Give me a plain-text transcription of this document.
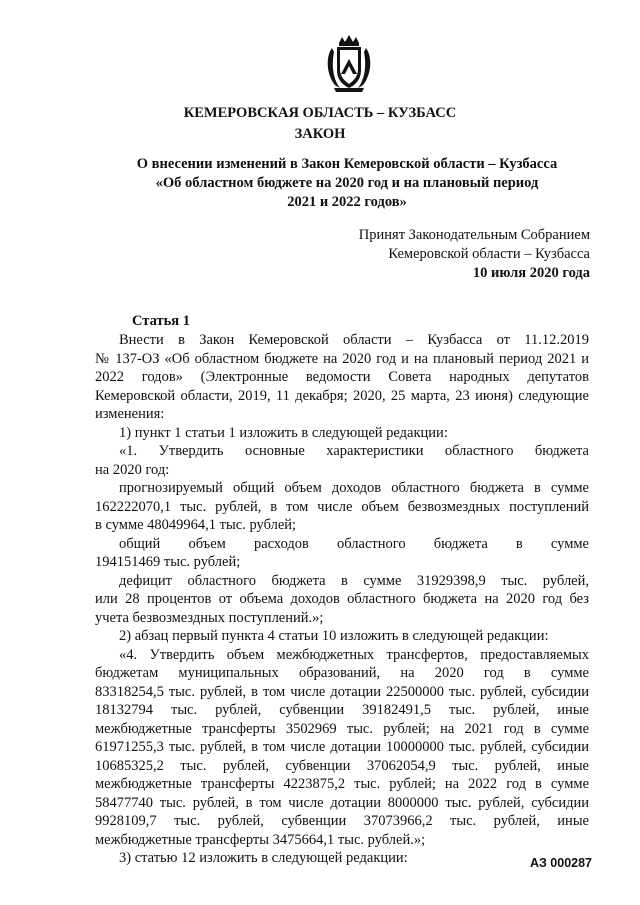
КЕМЕРОВСКАЯ ОБЛАСТЬ – КУЗБАСС
ЗАКОН
О внесении изменений в Закон Кемеровской области – Кузбасса
«Об областном бюджете на 2020 год и на плановый период
2021 и 2022 годов»
Принят Законодательным Собранием
Кемеровской области – Кузбасса
10 июля 2020 года
Статья 1
Внести в Закон Кемеровской области – Кузбасса от 11.12.2019
№ 137-ОЗ «Об областном бюджете на 2020 год и на плановый период 2021 и
2022 годов» (Электронные ведомости Совета народных депутатов
Кемеровской области, 2019, 11 декабря; 2020, 25 марта, 23 июня) следующие
изменения:
1) пункт 1 статьи 1 изложить в следующей редакции:
«1. Утвердить основные характеристики областного бюджета
на 2020 год:
прогнозируемый общий объем доходов областного бюджета в сумме
162222070,1 тыс. рублей, в том числе объем безвозмездных поступлений
в сумме 48049964,1 тыс. рублей;
общий объем расходов областного бюджета в сумме
194151469 тыс. рублей;
дефицит областного бюджета в сумме 31929398,9 тыс. рублей,
или 28 процентов от объема доходов областного бюджета на 2020 год без
учета безвозмездных поступлений.»;
2) абзац первый пункта 4 статьи 10 изложить в следующей редакции:
«4. Утвердить объем межбюджетных трансфертов, предоставляемых
бюджетам муниципальных образований, на 2020 год в сумме
83318254,5 тыс. рублей, в том числе дотации 22500000 тыс. рублей, субсидии
18132794 тыс. рублей, субвенции 39182491,5 тыс. рублей, иные
межбюджетные трансферты 3502969 тыс. рублей; на 2021 год в сумме
61971255,3 тыс. рублей, в том числе дотации 10000000 тыс. рублей, субсидии
10685325,2 тыс. рублей, субвенции 37062054,9 тыс. рублей, иные
межбюджетные трансферты 4223875,2 тыс. рублей; на 2022 год в сумме
58477740 тыс. рублей, в том числе дотации 8000000 тыс. рублей, субсидии
9928109,7 тыс. рублей, субвенции 37073966,2 тыс. рублей, иные
межбюджетные трансферты 3475664,1 тыс. рублей.»;
3) статью 12 изложить в следующей редакции:	АЗ 000287
